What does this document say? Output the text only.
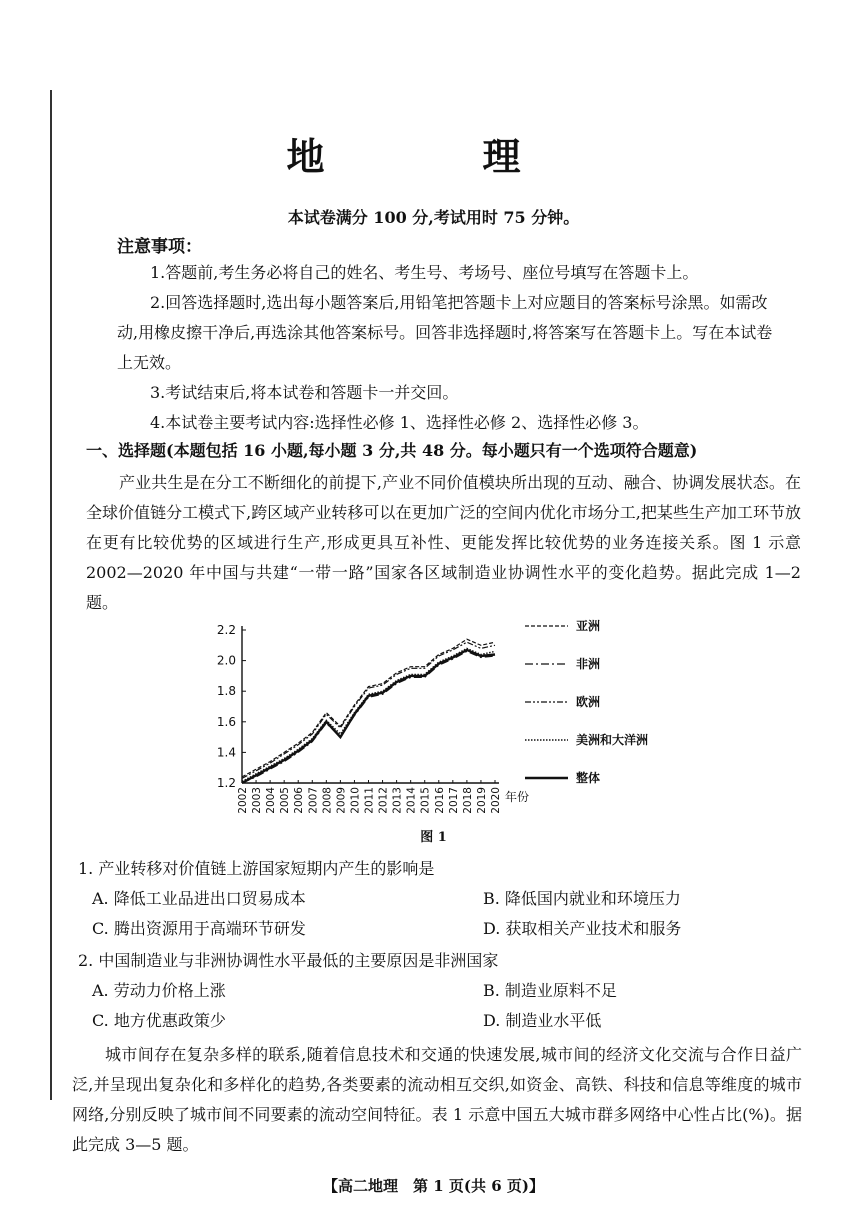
地　理
本试卷满分 100 分,考试用时 75 分钟。
注意事项：

1.答题前,考生务必将自己的姓名、考生号、考场号、座位号填写在答题卡上。

2.回答选择题时,选出每小题答案后,用铅笔把答题卡上对应题目的答案标号涂黑。如需改动,用橡皮擦干净后,再选涂其他答案标号。回答非选择题时,将答案写在答题卡上。写在本试卷上无效。

3.考试结束后,将本试卷和答题卡一并交回。

4.本试卷主要考试内容:选择性必修 1、选择性必修 2、选择性必修 3。

一、选择题(本题包括 16 小题,每小题 3 分,共 48 分。每小题只有一个选项符合题意)

产业共生是在分工不断细化的前提下,产业不同价值模块所出现的互动、融合、协调发展状态。在全球价值链分工模式下,跨区域产业转移可以在更加广泛的空间内优化市场分工,把某些生产加工环节放在更有比较优势的区域进行生产,形成更具互补性、更能发挥比较优势的业务连接关系。图 1 示意 2002—2020 年中国与共建“一带一路”国家各区域制造业协调性水平的变化趋势。据此完成 1—2 题。

1.2
1.4
1.6
1.8
2.0
2.2
2002 2003 2004 2005 2006 2007 2008 2009 2010 2011 2012 2013 2014 2015 2016 2017 2018 2019 2020 年份
亚洲
非洲
欧洲
美洲和大洋洲
整体
图 1
1. 产业转移对价值链上游国家短期内产生的影响是
A. 降低工业品进出口贸易成本	B. 降低国内就业和环境压力
C. 腾出资源用于高端环节研发	D. 获取相关产业技术和服务
2. 中国制造业与非洲协调性水平最低的主要原因是非洲国家
A. 劳动力价格上涨	B. 制造业原料不足
C. 地方优惠政策少	D. 制造业水平低

城市间存在复杂多样的联系,随着信息技术和交通的快速发展,城市间的经济文化交流与合作日益广泛,并呈现出复杂化和多样化的趋势,各类要素的流动相互交织,如资金、高铁、科技和信息等维度的城市网络,分别反映了城市间不同要素的流动空间特征。表 1 示意中国五大城市群多网络中心性占比(%)。据此完成 3—5 题。

【高二地理　第 1 页(共 6 页)】
